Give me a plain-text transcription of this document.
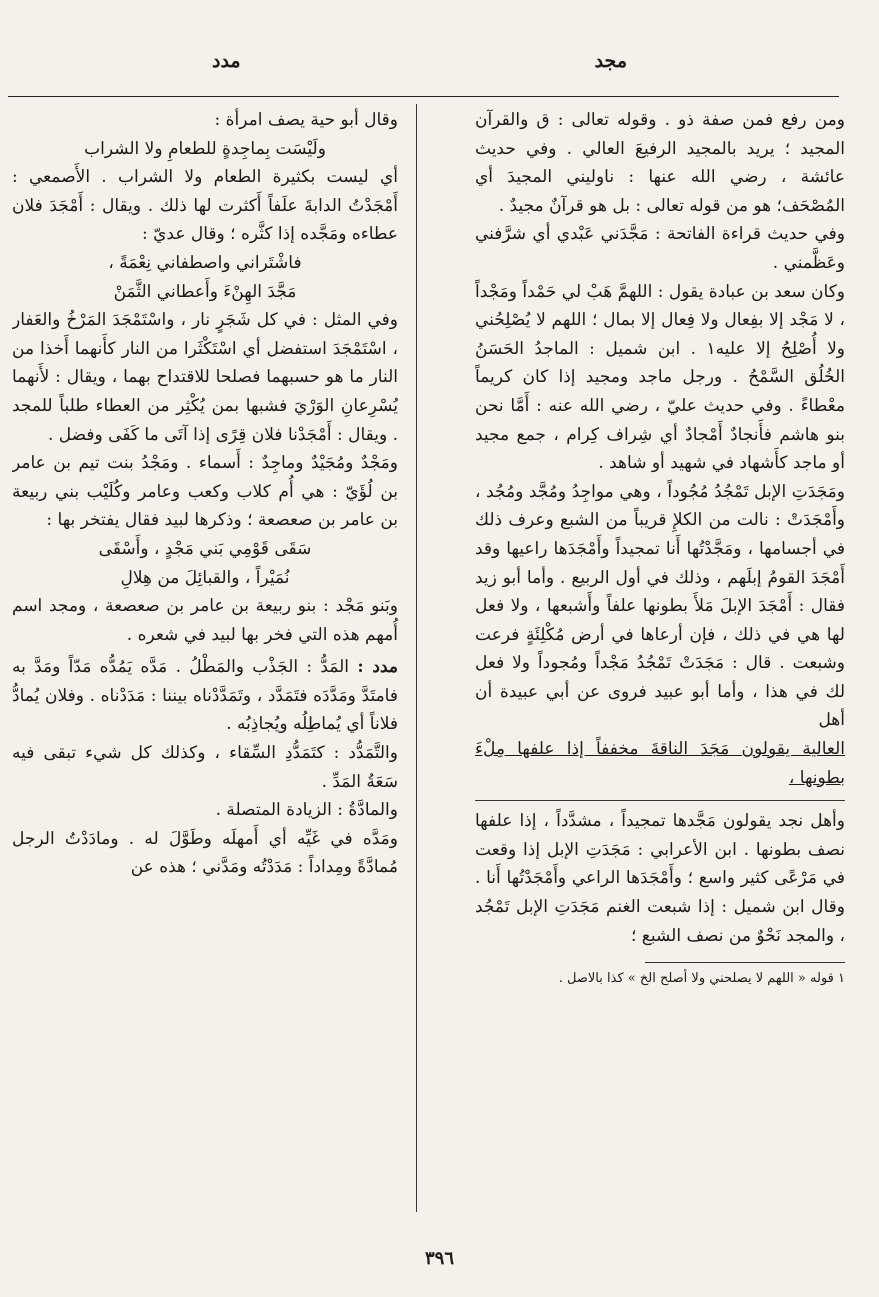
مجد
مدد

ومن رفع فمن صفة ذو . وقوله تعالى : ق والقرآن المجيد ؛ يريد بالمجيد الرفيعَ العالي . وفي حديث عائشة ، رضي الله عنها : ناوليني المجيدَ أي المُصْحَف؛ هو من قوله تعالى : بل هو قرآنٌ مجيدٌ .

وفي حديث قراءة الفاتحة : مَجَّدَني عَبْدي أي شرَّفني وعَظَّمني .

وكان سعد بن عبادة يقول : اللهمَّ هَبْ لي حَمْداً ومَجْداً ، لا مَجْد إلا بفِعال ولا فِعال إلا بمال ؛ اللهم لا يُصْلِحُني ولا أُصْلِحُ إلا عليه١ . ابن شميل : الماجدُ الحَسَنُ الخُلُق السَّمْحُ . ورجل ماجد ومجيد إذا كان كريماً معْطاءً . وفي حديث عليّ ، رضي الله عنه : أَمَّا نحن بنو هاشم فأَنجادٌ أَمْجادٌ أي شِراف كِرام ، جمع مجيد أو ماجد كأَشهاد في شهيد أو شاهد .

ومَجَدَتِ الإبل تَمْجُدُ مُجُوداً ، وهي مواجِدُ ومُجَّد ومُجُد ، وأَمْجَدَتْ : نالت من الكلإِ قريباً من الشبع وعرف ذلك في أجسامها ، ومَجَّدْتُها أَنا تمجيداً وأَمْجَدَها راعيها وقد أَمْجَدَ القومُ إبلَهم ، وذلك في أول الربيع . وأما أبو زيد فقال : أَمْجَدَ الإبلَ مَلأَ بطونها علفاً وأَشبعها ، ولا فعل لها هي في ذلك ، فإن أرعاها في أرض مُكْلِئَةٍ فرعت وشبعت . قال : مَجَدَتْ تَمْجُدُ مَجْداً ومُجوداً ولا فعل لك في هذا ، وأما أبو عبيد فروى عن أبي عبيدة أن أهل

العالية يقولون مَجَدَ الناقةَ مخففاً إذا علفها مِلْءَ بطونها ،

وأهل نجد يقولون مَجَّدها تمجيداً ، مشدَّداً ، إذا علفها نصف بطونها . ابن الأعرابي : مَجَدَتِ الإبل إذا وقعت في مَرْعًى كثير واسع ؛ وأَمْجَدَها الراعي وأَمْجَدْتُها أَنا . وقال ابن شميل : إذا شبعت الغنم مَجَدَتِ الإبل تَمْجُد ، والمجد نَحْوٌ من نصف الشبع ؛

١ قوله « اللهم لا يصلحني ولا أصلح الخ » كذا بالاصل .

وقال أبو حية يصف امرأة :

ولَيْسَت بِماجِدةٍ للطعامِ ولا الشراب

أي ليست بكثيرة الطعام ولا الشراب . الأَصمعي : أَمْجَدْتُ الدابةَ علَفاً أَكثرت لها ذلك . ويقال : أَمْجَدَ فلان عطاءه ومَجَّده إذا كثَّره ؛ وقال عديّ :

فاشْتَراني واصطفاني نِعْمَةً ،

مَجَّدَ الهِنْءَ وأَعطاني الثَّمَنْ

وفي المثل : في كل شَجَرٍ نار ، واسْتَمْجَدَ المَرْخُ والعَفار ، اسْتَمْجَدَ استفضل أي اسْتَكْثَرا من النار كأَنهما أَخذا من النار ما هو حسبهما فصلحا للاقتداح بهما ، ويقال : لأَنهما يُسْرِعانِ الوَرْيَ فشبها بمن يُكْثِر من العطاء طلباً للمجد . ويقال : أَمْجَدْنا فلان قِرًى إذا آتَى ما كَفَى وفضل .

ومَجْدٌ ومُجَيْدٌ وماجِدٌ : أَسماء . ومَجْدُ بنت تيم بن عامر بن لُؤَيّ : هي أُم كلاب وكعب وعامر وكُلَيْب بني ربيعة بن عامر بن صعصعة ؛ وذكرها لبيد فقال يفتخر بها :

سَقَى قَوْمِي بَني مَجْدٍ ، وأَسْقَى

نُمَيْراً ، والقبائِلَ من هِلالِ

وبَنو مَجْد : بنو ربيعة بن عامر بن صعصعة ، ومجد اسم أُمهم هذه التي فخر بها لبيد في شعره .

مدد : المَدُّ : الجَذْب والمَطْلُ . مَدَّه يَمُدُّه مَدّاً ومَدَّ به فامتَدَّ ومَدَّدَه فتَمَدَّد ، وتَمَدَّدْناه بيننا : مَدَدْناه . وفلان يُمادُّ فلاناً أي يُماطِلُه ويُجاذِبُه .

والتَّمَدُّد : كتَمَدُّدِ السِّقاء ، وكذلك كل شيء تبقى فيه سَعَةُ المَدِّ .

والمادَّةُ : الزيادة المتصلة .

ومَدَّه في غَيِّه أي أَمهلَه وطَوَّلَ له . ومادَدْتُ الرجل مُمادَّةً ومِداداً : مَدَدْتُه ومَدَّني ؛ هذه عن

٣٩٦
